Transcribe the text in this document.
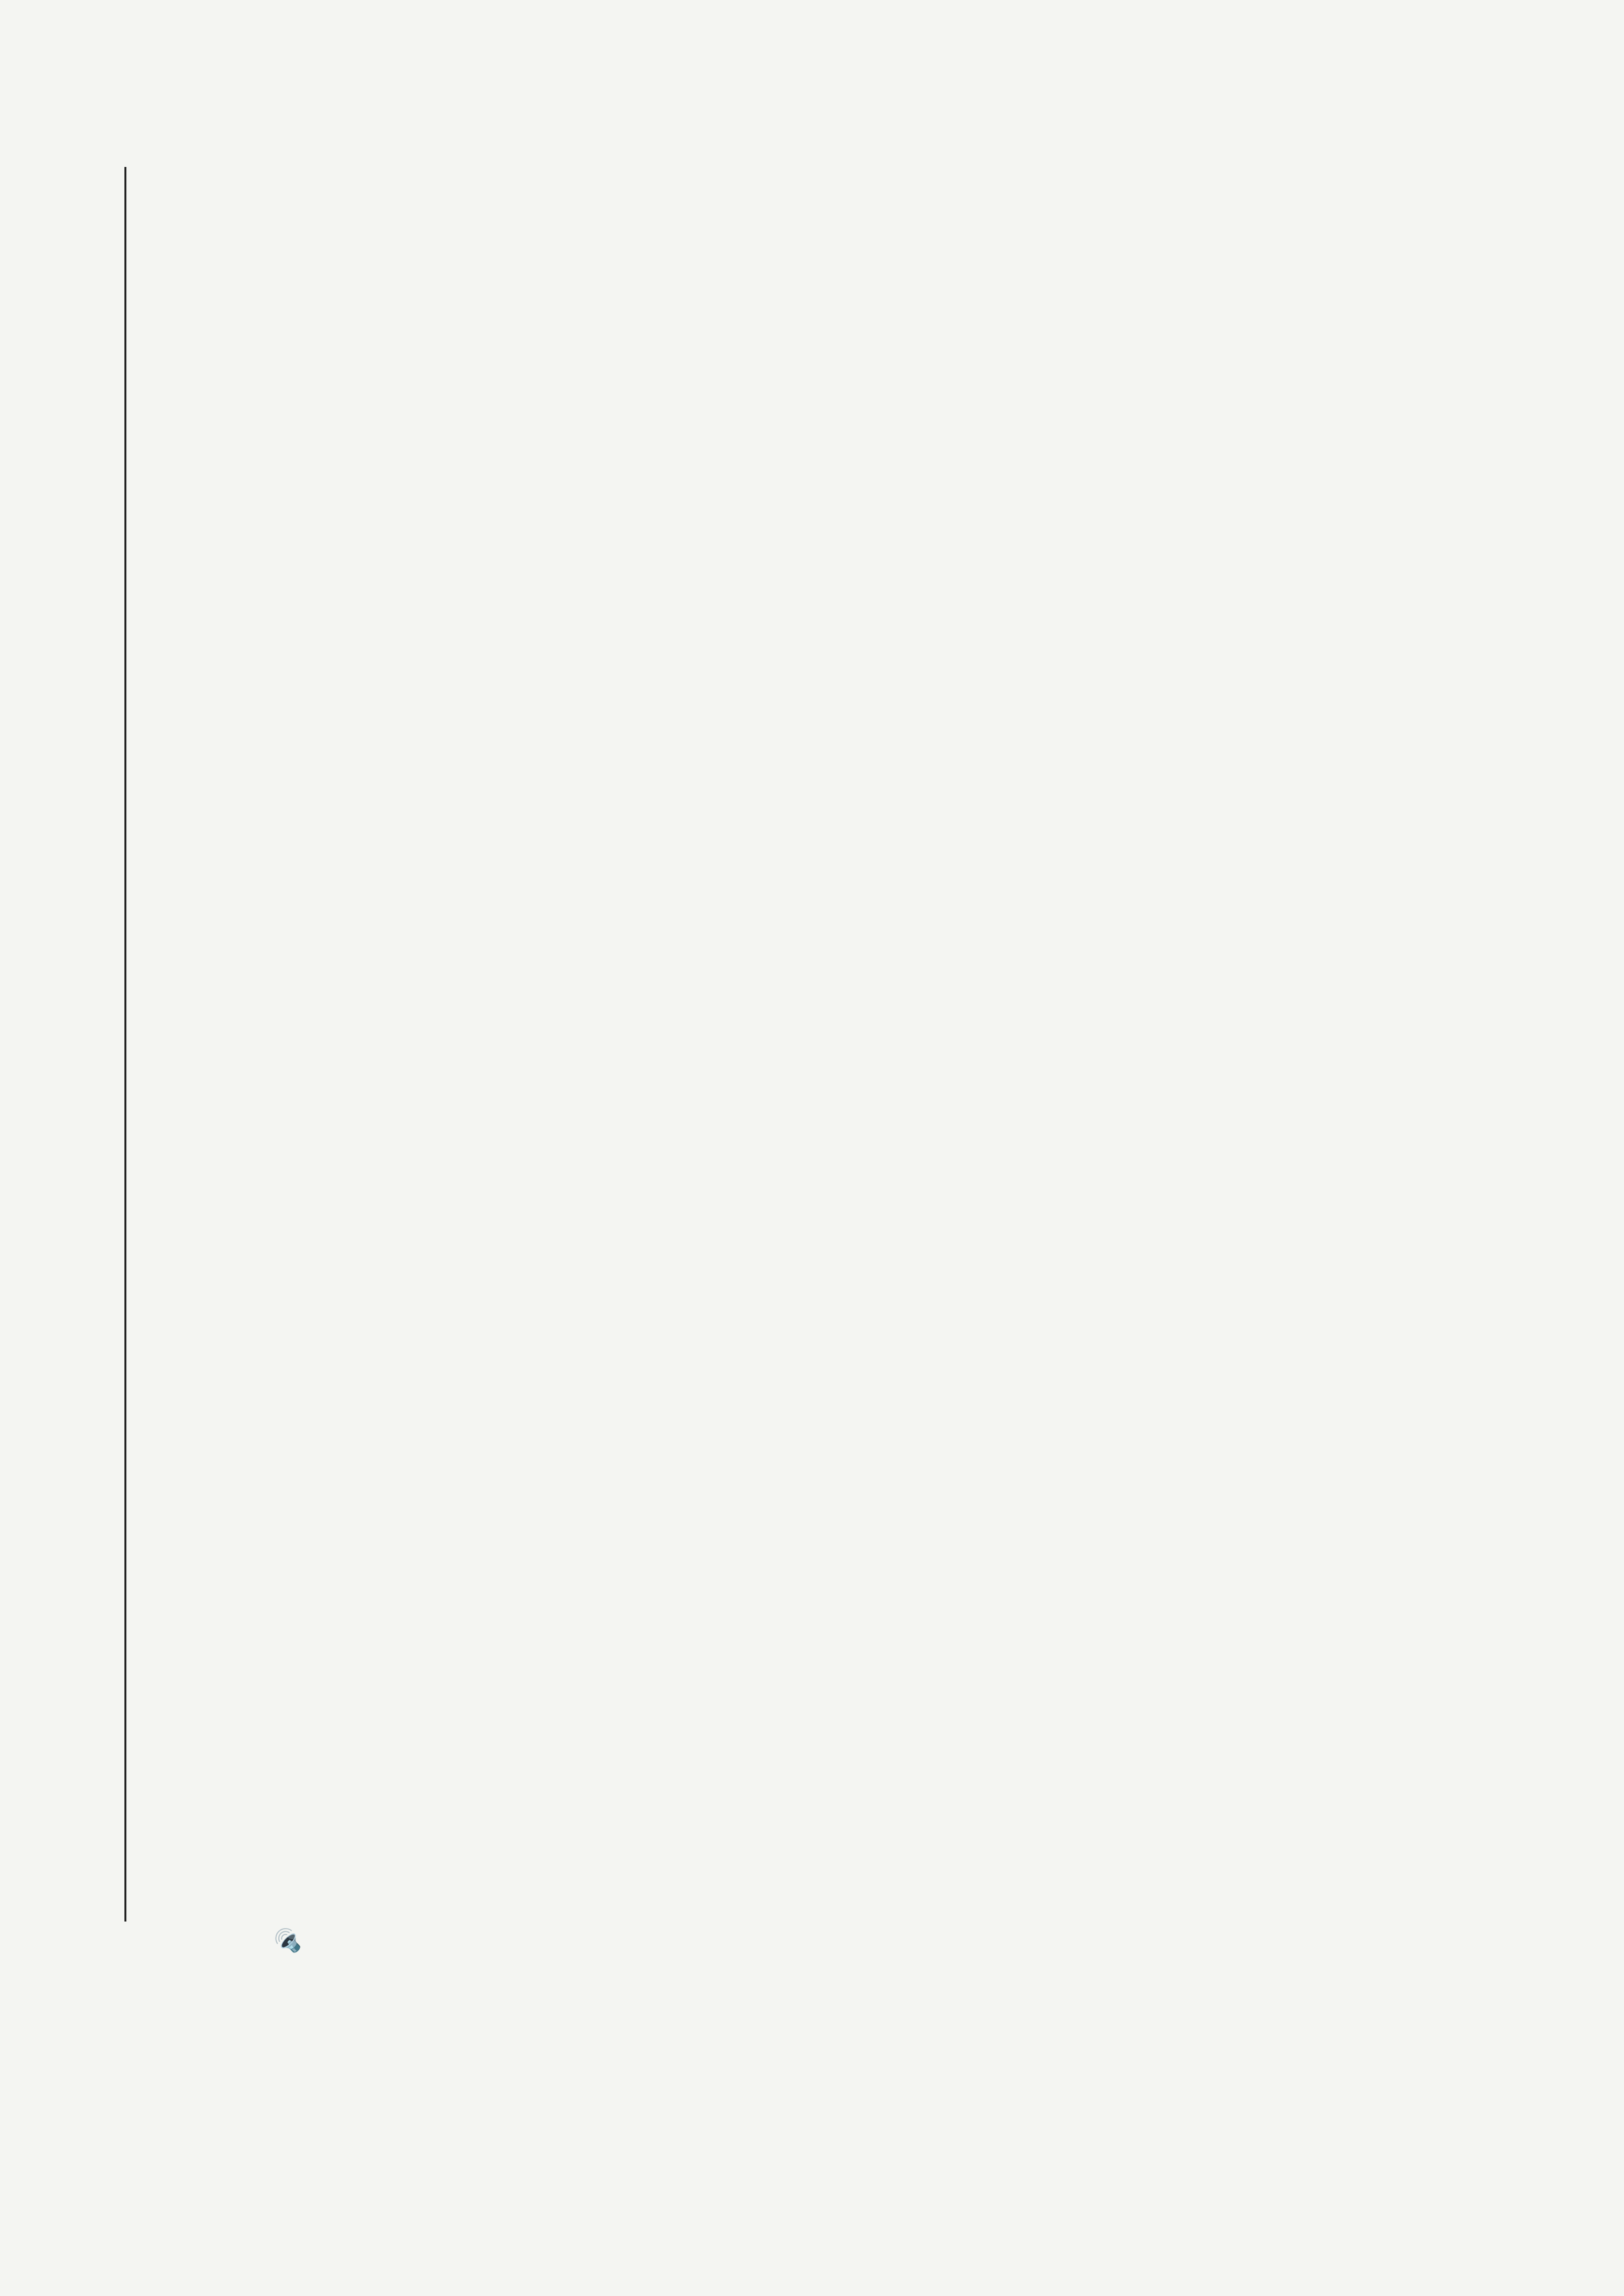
🔊
